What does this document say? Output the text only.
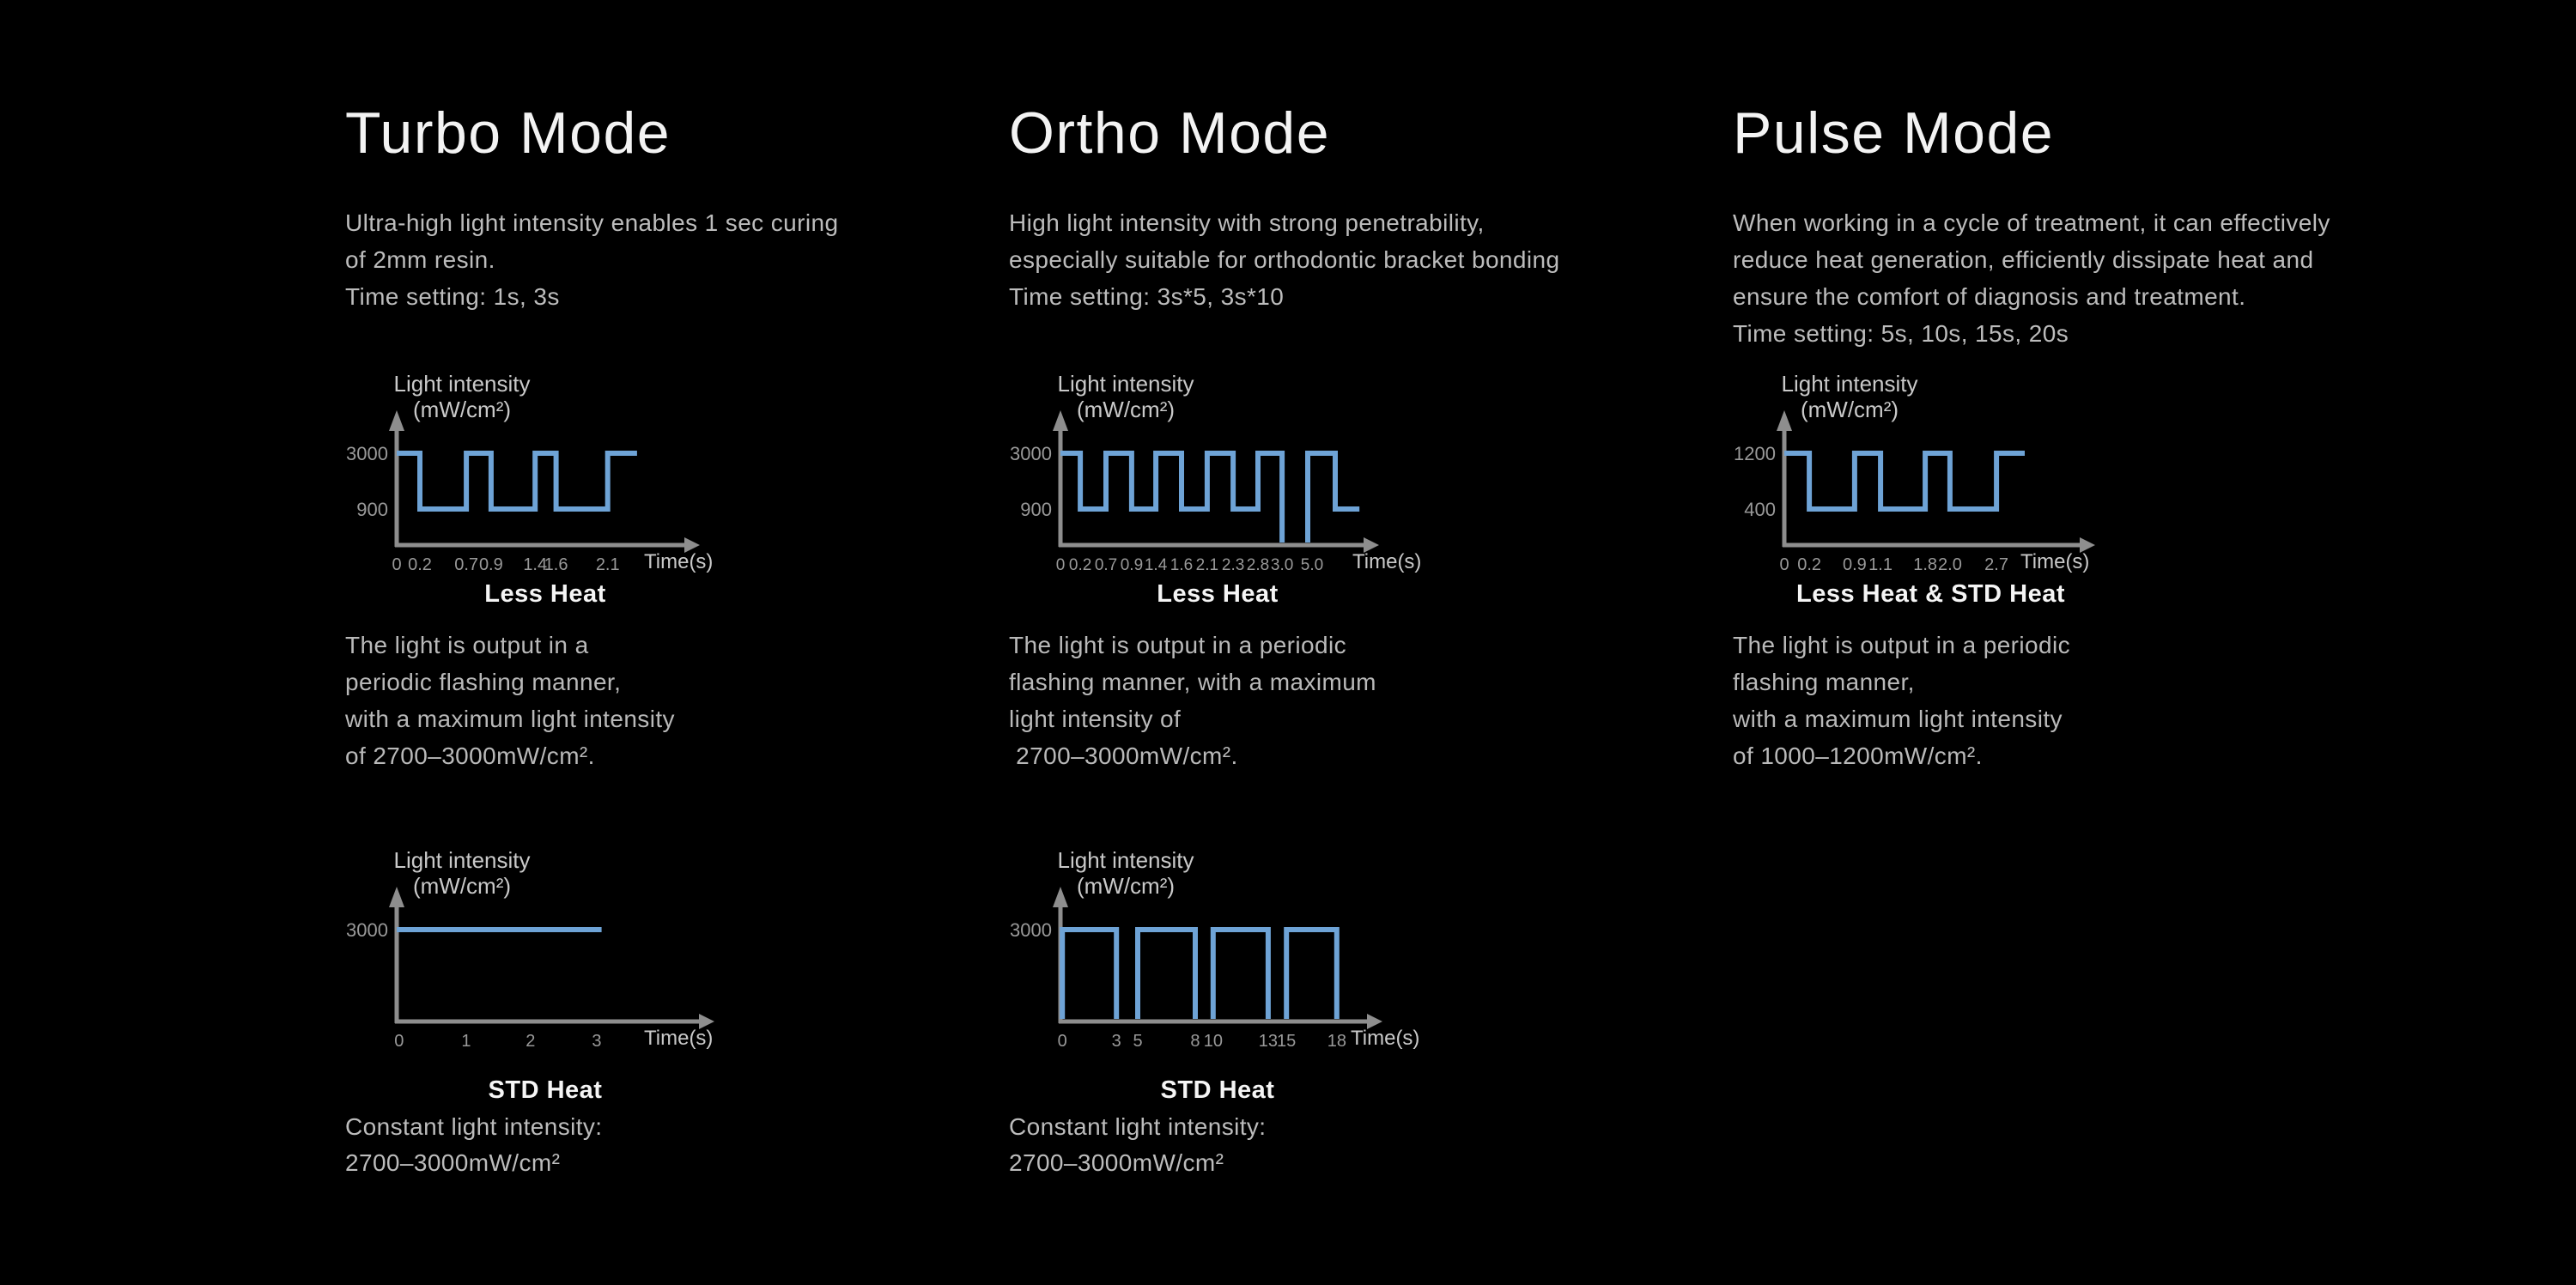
Turbo Mode
Ultra-high light intensity enables 1 sec curing
of 2mm resin.
Time setting: 1s, 3s
Light intensity
(mW/cm²)
3000
900
0 0.2 0.7 0.9 1.4
1.6 2.1 Time(s)
Less Heat
The light is output in a
periodic flashing manner,
with a maximum light intensity
of 2700–3000mW/cm².
Light intensity
(mW/cm²)
3000
0	1	2	3 Time(s)
STD Heat
Constant light intensity:
2700–3000mW/cm²
Ortho Mode
High light intensity with strong penetrability,
especially suitable for orthodontic bracket bonding
Time setting: 3s*5, 3s*10
Light intensity
(mW/cm²)
3000
900
0 0.2 0.7 0.9 1.4 1.6 2.1 2.3 2.8 3.0 5.0 Time(s)
Less Heat
The light is output in a periodic
flashing manner, with a maximum
light intensity of
2700–3000mW/cm².
Light intensity
(mW/cm²)
3000
0	3 5	8 10 13
15 18 Time(s)
STD Heat
Constant light intensity:
2700–3000mW/cm²
Pulse Mode
When working in a cycle of treatment, it can effectively
reduce heat generation, efficiently dissipate heat and
ensure the comfort of diagnosis and treatment.
Time setting: 5s, 10s, 15s, 20s
Light intensity
(mW/cm²)
1200
400
0 0.2 0.9 1.1 1.8 2.0 2.7 Time(s)
Less Heat & STD Heat
The light is output in a periodic
flashing manner,
with a maximum light intensity
of 1000–1200mW/cm².
